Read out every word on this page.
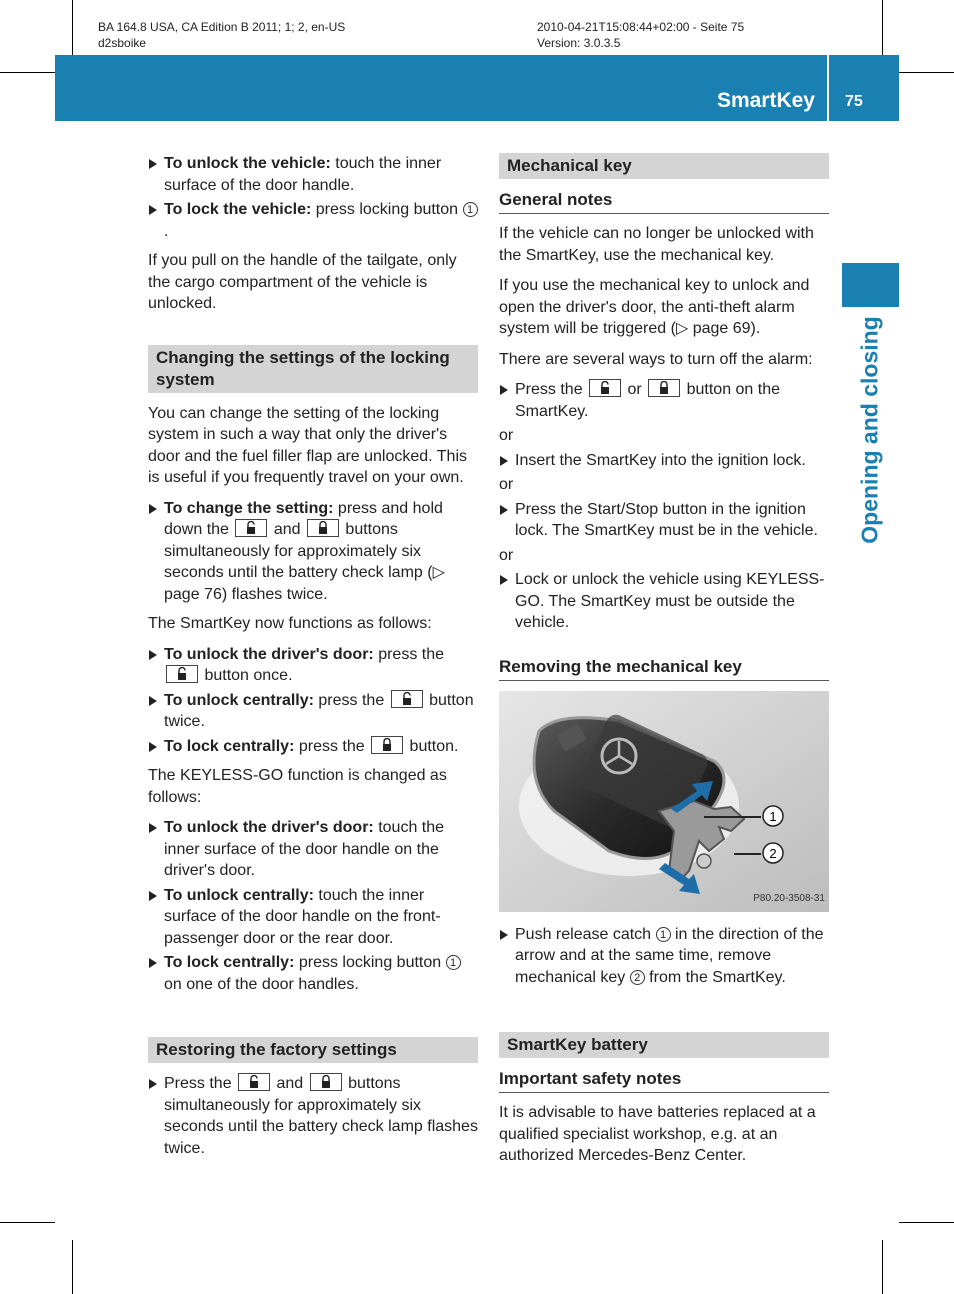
BA 164.8 USA, CA Edition B 2011; 1; 2, en-US
d2sboike
2010-04-21T15:08:44+02:00 - Seite 75
Version: 3.0.3.5
SmartKey 75
Opening and closing
To unlock the vehicle: touch the inner surface of the door handle.
To lock the vehicle: press locking button 1.

If you pull on the handle of the tailgate, only the cargo compartment of the vehicle is unlocked.

Changing the settings of the locking system

You can change the setting of the locking system in such a way that only the driver's door and the fuel filler flap are unlocked. This is useful if you frequently travel on your own.

To change the setting: press and hold down the
and
buttons simultaneously for approximately six seconds until the battery check lamp (▷ page 76) flashes twice.

The SmartKey now functions as follows:

To unlock the driver's door: press the
button once.
To unlock centrally: press the
button twice.
To lock centrally: press the
button.

The KEYLESS-GO function is changed as follows:

To unlock the driver's door: touch the inner surface of the door handle on the driver's door.
To unlock centrally: touch the inner surface of the door handle on the front-passenger door or the rear door.
To lock centrally: press locking button 1 on one of the door handles.
Restoring the factory settings
Press the
and
buttons simultaneously for approximately six seconds until the battery check lamp flashes twice.
Mechanical key
General notes

If the vehicle can no longer be unlocked with the SmartKey, use the mechanical key.

If you use the mechanical key to unlock and open the driver's door, the anti-theft alarm system will be triggered (▷ page 69).

There are several ways to turn off the alarm:

Press the
or
button on the SmartKey.
or
Insert the SmartKey into the ignition lock.
or
Press the Start/Stop button in the ignition lock. The SmartKey must be in the vehicle.
or
Lock or unlock the vehicle using KEYLESS-GO. The SmartKey must be outside the vehicle.
Removing the mechanical key
1
2
P80.20-3508-31
Push release catch 1 in the direction of the arrow and at the same time, remove mechanical key 2 from the SmartKey.
SmartKey battery
Important safety notes

It is advisable to have batteries replaced at a qualified specialist workshop, e.g. at an authorized Mercedes-Benz Center.
